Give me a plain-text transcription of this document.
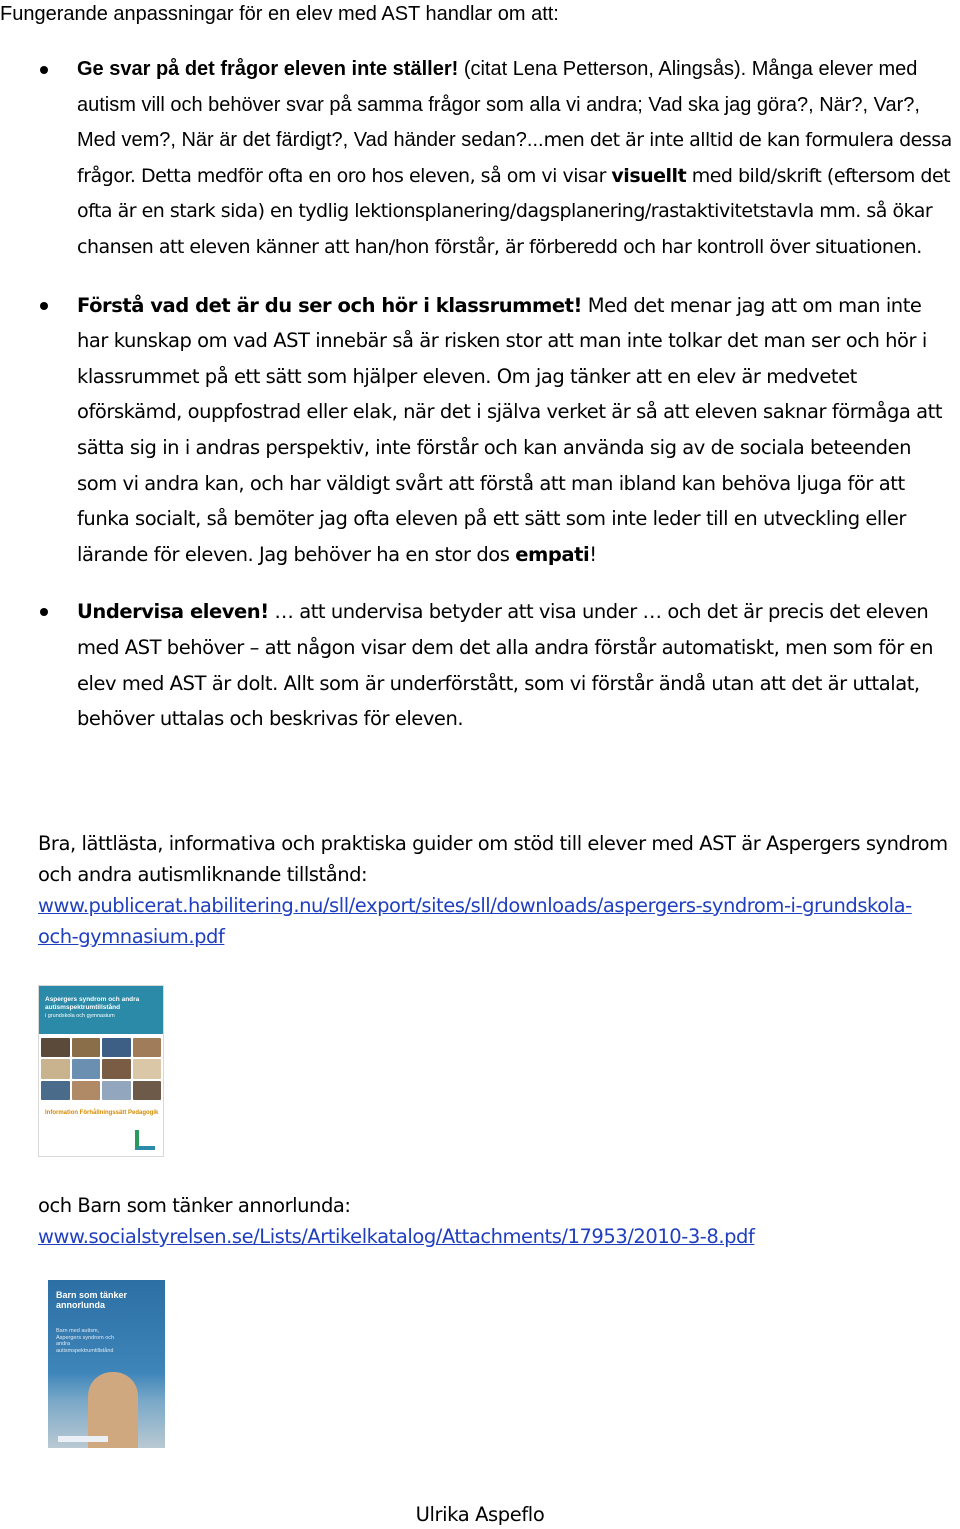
Fungerande anpassningar för en elev med AST handlar om att:
Ge svar på det frågor eleven inte ställer! (citat Lena Petterson, Alingsås). Många elever med autism vill och behöver svar på samma frågor som alla vi andra; Vad ska jag göra?, När?, Var?, Med vem?, När är det färdigt?, Vad händer sedan?...men det är inte alltid de kan formulera dessa frågor. Detta medför ofta en oro hos eleven, så om vi visar visuellt med bild/skrift (eftersom det ofta är en stark sida) en tydlig lektionsplanering/dagsplanering/rastaktivitetstavla mm. så ökar chansen att eleven känner att han/hon förstår, är förberedd och har kontroll över situationen.
Förstå vad det är du ser och hör i klassrummet! Med det menar jag att om man inte har kunskap om vad AST innebär så är risken stor att man inte tolkar det man ser och hör i klassrummet på ett sätt som hjälper eleven. Om jag tänker att en elev är medvetet oförskämd, ouppfostrad eller elak, när det i själva verket är så att eleven saknar förmåga att sätta sig in i andras perspektiv, inte förstår och kan använda sig av de sociala beteenden som vi andra kan, och har väldigt svårt att förstå att man ibland kan behöva ljuga för att funka socialt, så bemöter jag ofta eleven på ett sätt som inte leder till en utveckling eller lärande för eleven. Jag behöver ha en stor dos empati!
Undervisa eleven! … att undervisa betyder att visa under … och det är precis det eleven med AST behöver – att någon visar dem det alla andra förstår automatiskt, men som för en elev med AST är dolt. Allt som är underförstått, som vi förstår ändå utan att det är uttalat, behöver uttalas och beskrivas för eleven.
Bra, lättlästa, informativa och praktiska guider om stöd till elever med AST är Aspergers syndrom och andra autismliknande tillstånd:
www.publicerat.habilitering.nu/sll/export/sites/sll/downloads/aspergers-syndrom-i-grundskola-och-gymnasium.pdf
Aspergers syndrom och andra autismspektrumtillstånd
i grundskola och gymnasium
Information Förhållningssätt Pedagogik
och Barn som tänker annorlunda:
www.socialstyrelsen.se/Lists/Artikelkatalog/Attachments/17953/2010-3-8.pdf
Barn som tänker annorlunda
Barn med autism, Aspergers syndrom och andra autismspektrumtillstånd
Ulrika Aspeflo
